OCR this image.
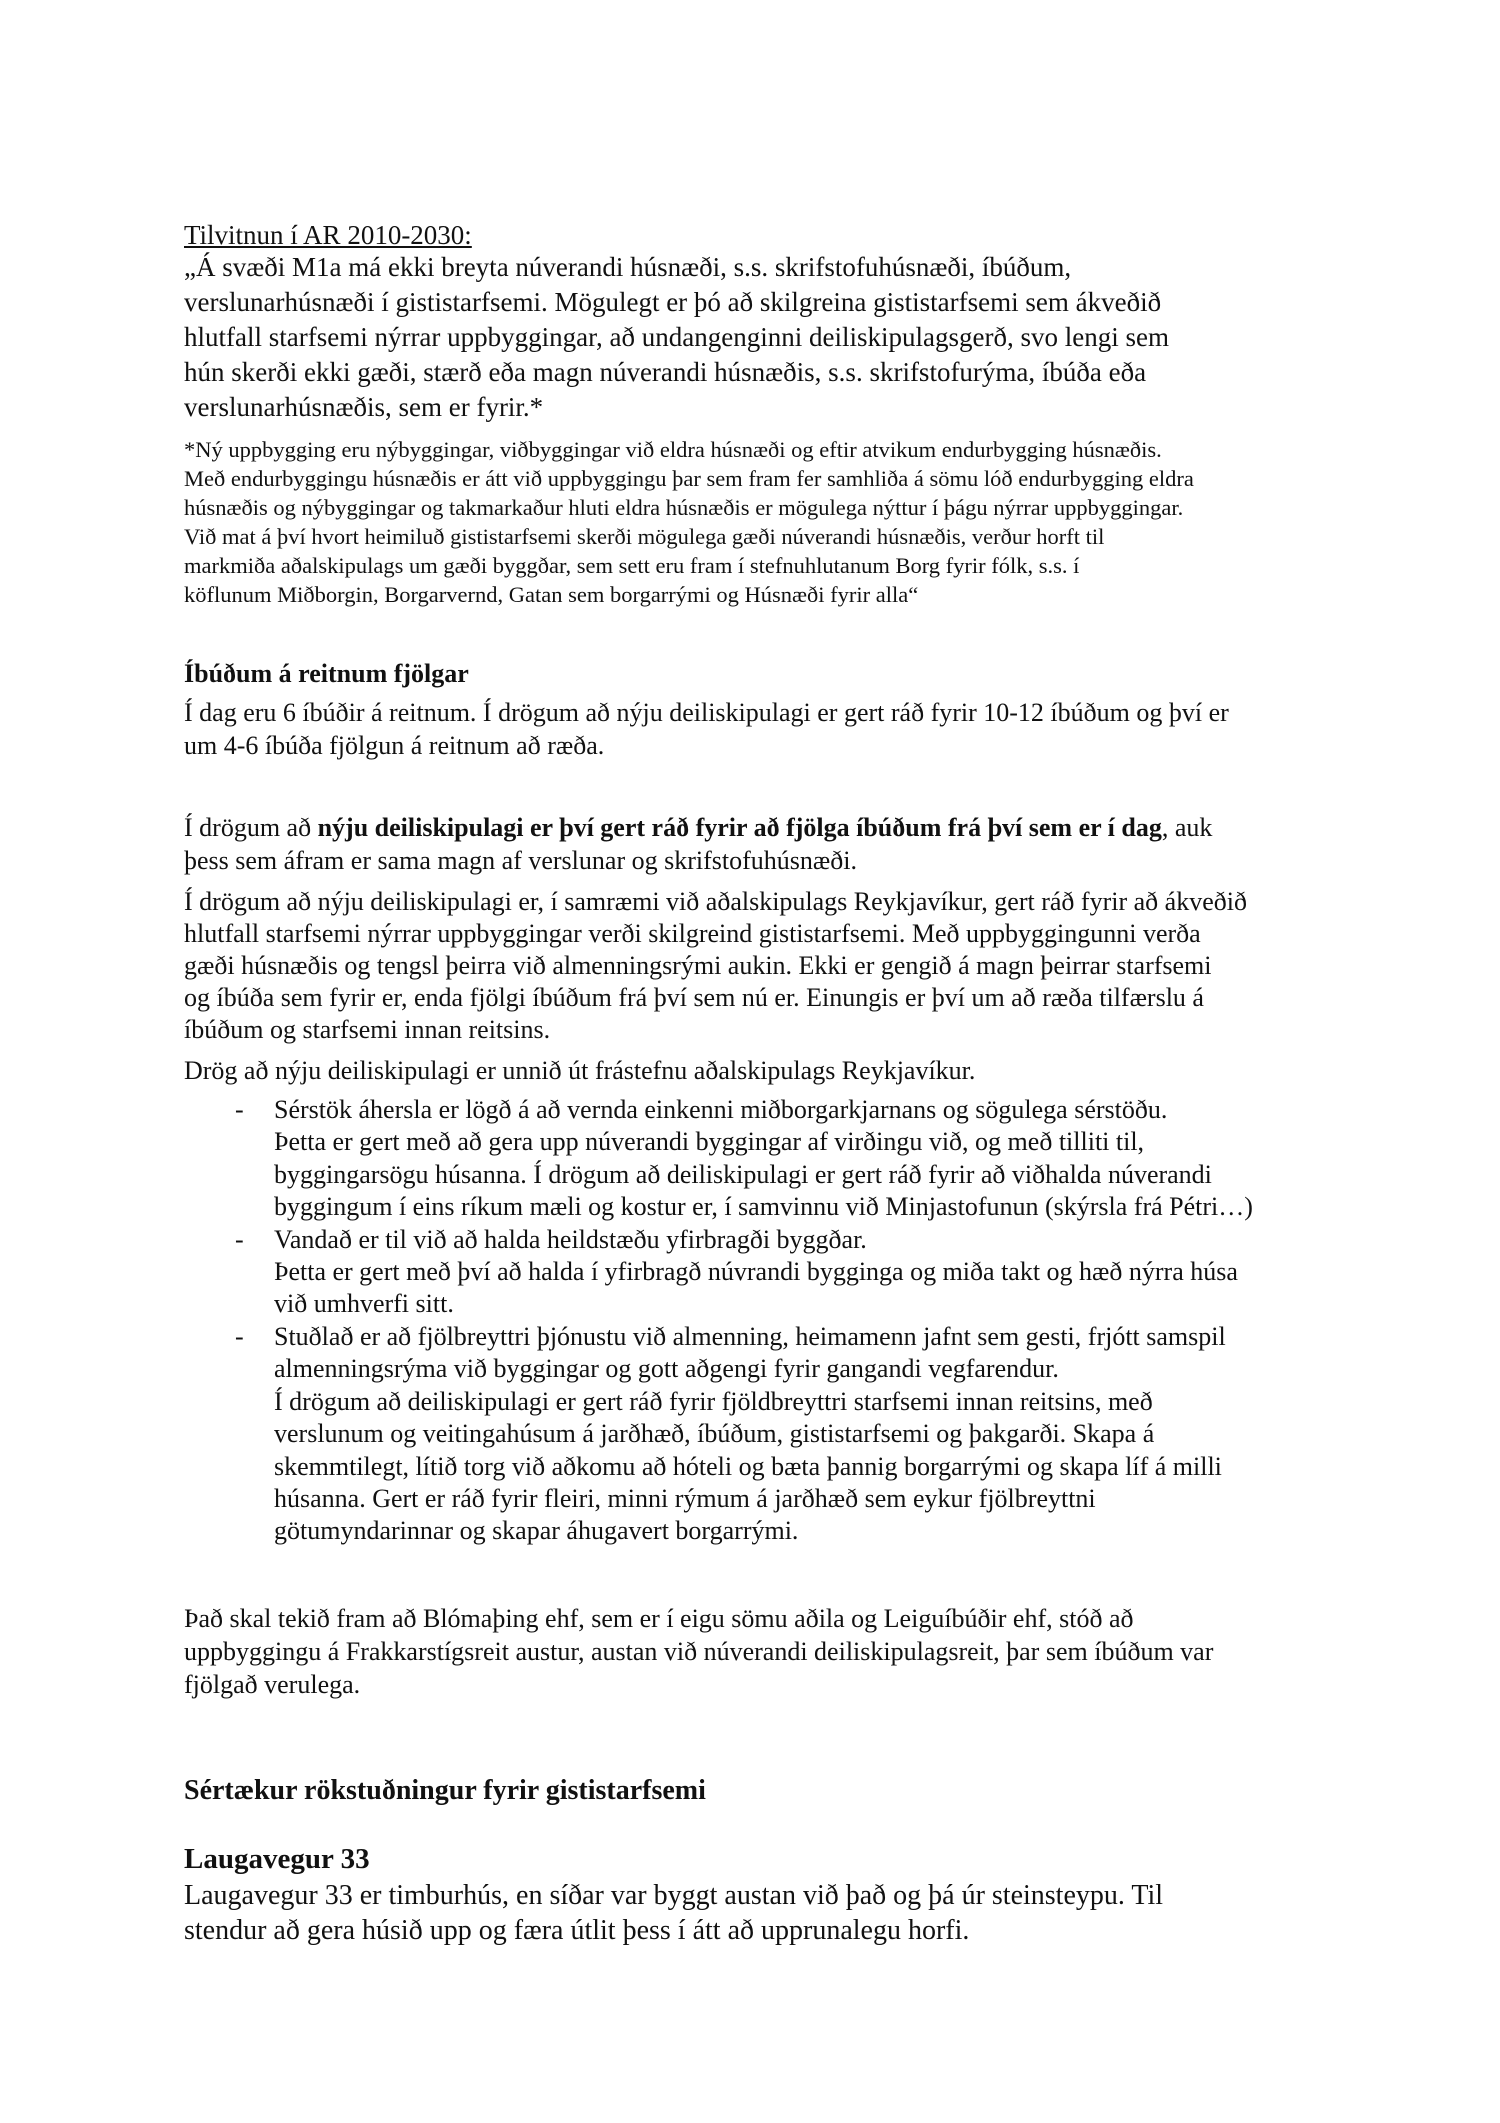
Tilvitnun í AR 2010-2030:
„Á svæði M1a má ekki breyta núverandi húsnæði, s.s. skrifstofuhúsnæði, íbúðum,
verslunarhúsnæði í gististarfsemi. Mögulegt er þó að skilgreina gististarfsemi sem ákveðið
hlutfall starfsemi nýrrar uppbyggingar, að undangenginni deiliskipulagsgerð, svo lengi sem
hún skerði ekki gæði, stærð eða magn núverandi húsnæðis, s.s. skrifstofurýma, íbúða eða
verslunarhúsnæðis, sem er fyrir.*
*Ný uppbygging eru nýbyggingar, viðbyggingar við eldra húsnæði og eftir atvikum endurbygging húsnæðis.
Með endurbyggingu húsnæðis er átt við uppbyggingu þar sem fram fer samhliða á sömu lóð endurbygging eldra
húsnæðis og nýbyggingar og takmarkaður hluti eldra húsnæðis er mögulega nýttur í þágu nýrrar uppbyggingar.
Við mat á því hvort heimiluð gististarfsemi skerði mögulega gæði núverandi húsnæðis, verður horft til
markmiða aðalskipulags um gæði byggðar, sem sett eru fram í stefnuhlutanum Borg fyrir fólk, s.s. í
köflunum Miðborgin, Borgarvernd, Gatan sem borgarrými og Húsnæði fyrir alla“
Íbúðum á reitnum fjölgar
Í dag eru 6 íbúðir á reitnum. Í drögum að nýju deiliskipulagi er gert ráð fyrir 10-12 íbúðum og því er
um 4-6 íbúða fjölgun á reitnum að ræða.
Í drögum að nýju deiliskipulagi er því gert ráð fyrir að fjölga íbúðum frá því sem er í dag, auk
þess sem áfram er sama magn af verslunar og skrifstofuhúsnæði.
Í drögum að nýju deiliskipulagi er, í samræmi við aðalskipulags Reykjavíkur, gert ráð fyrir að ákveðið
hlutfall starfsemi nýrrar uppbyggingar verði skilgreind gististarfsemi. Með uppbyggingunni verða
gæði húsnæðis og tengsl þeirra við almenningsrými aukin. Ekki er gengið á magn þeirrar starfsemi
og íbúða sem fyrir er, enda fjölgi íbúðum frá því sem nú er. Einungis er því um að ræða tilfærslu á
íbúðum og starfsemi innan reitsins.
Drög að nýju deiliskipulagi er unnið út frástefnu aðalskipulags Reykjavíkur.
-
-
-
Sérstök áhersla er lögð á að vernda einkenni miðborgarkjarnans og sögulega sérstöðu.
Þetta er gert með að gera upp núverandi byggingar af virðingu við, og með tilliti til,
byggingarsögu húsanna. Í drögum að deiliskipulagi er gert ráð fyrir að viðhalda núverandi
byggingum í eins ríkum mæli og kostur er, í samvinnu við Minjastofunun (skýrsla frá Pétri…)
Vandað er til við að halda heildstæðu yfirbragði byggðar.
Þetta er gert með því að halda í yfirbragð núvrandi bygginga og miða takt og hæð nýrra húsa
við umhverfi sitt.
Stuðlað er að fjölbreyttri þjónustu við almenning, heimamenn jafnt sem gesti, frjótt samspil
almenningsrýma við byggingar og gott aðgengi fyrir gangandi vegfarendur.
Í drögum að deiliskipulagi er gert ráð fyrir fjöldbreyttri starfsemi innan reitsins, með
verslunum og veitingahúsum á jarðhæð, íbúðum, gististarfsemi og þakgarði. Skapa á
skemmtilegt, lítið torg við aðkomu að hóteli og bæta þannig borgarrými og skapa líf á milli
húsanna. Gert er ráð fyrir fleiri, minni rýmum á jarðhæð sem eykur fjölbreyttni
götumyndarinnar og skapar áhugavert borgarrými.
Það skal tekið fram að Blómaþing ehf, sem er í eigu sömu aðila og Leiguíbúðir ehf, stóð að
uppbyggingu á Frakkarstígsreit austur, austan við núverandi deiliskipulagsreit, þar sem íbúðum var
fjölgað verulega.
Sértækur rökstuðningur fyrir gististarfsemi
Laugavegur 33
Laugavegur 33 er timburhús, en síðar var byggt austan við það og þá úr steinsteypu. Til
stendur að gera húsið upp og færa útlit þess í átt að upprunalegu horfi.
